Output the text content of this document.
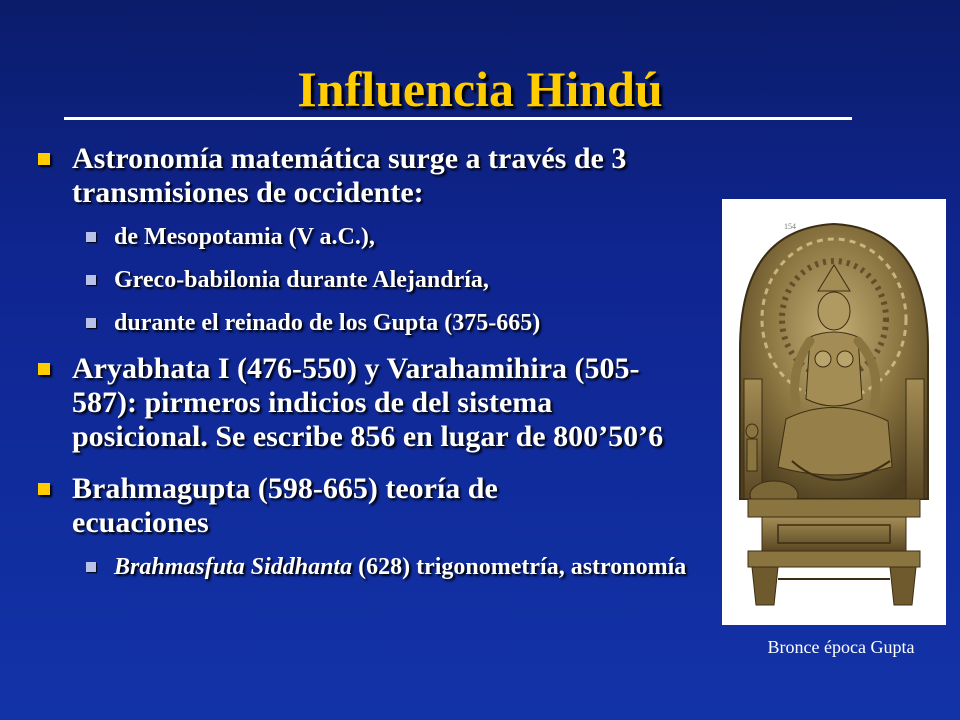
Influencia Hindú
Astronomía matemática surge a través de 3 transmisiones de occidente:
de Mesopotamia (V a.C.),
Greco-babilonia durante Alejandría,
durante el reinado de los Gupta (375-665)
Aryabhata I (476-550) y Varahamihira (505-587): pirmeros indicios de del sistema posicional. Se escribe 856 en lugar de 800’50’6
Brahmagupta (598-665) teoría de ecuaciones
Brahmasfuta Siddhanta (628) trigonometría, astronomía
154
Bronce época Gupta
